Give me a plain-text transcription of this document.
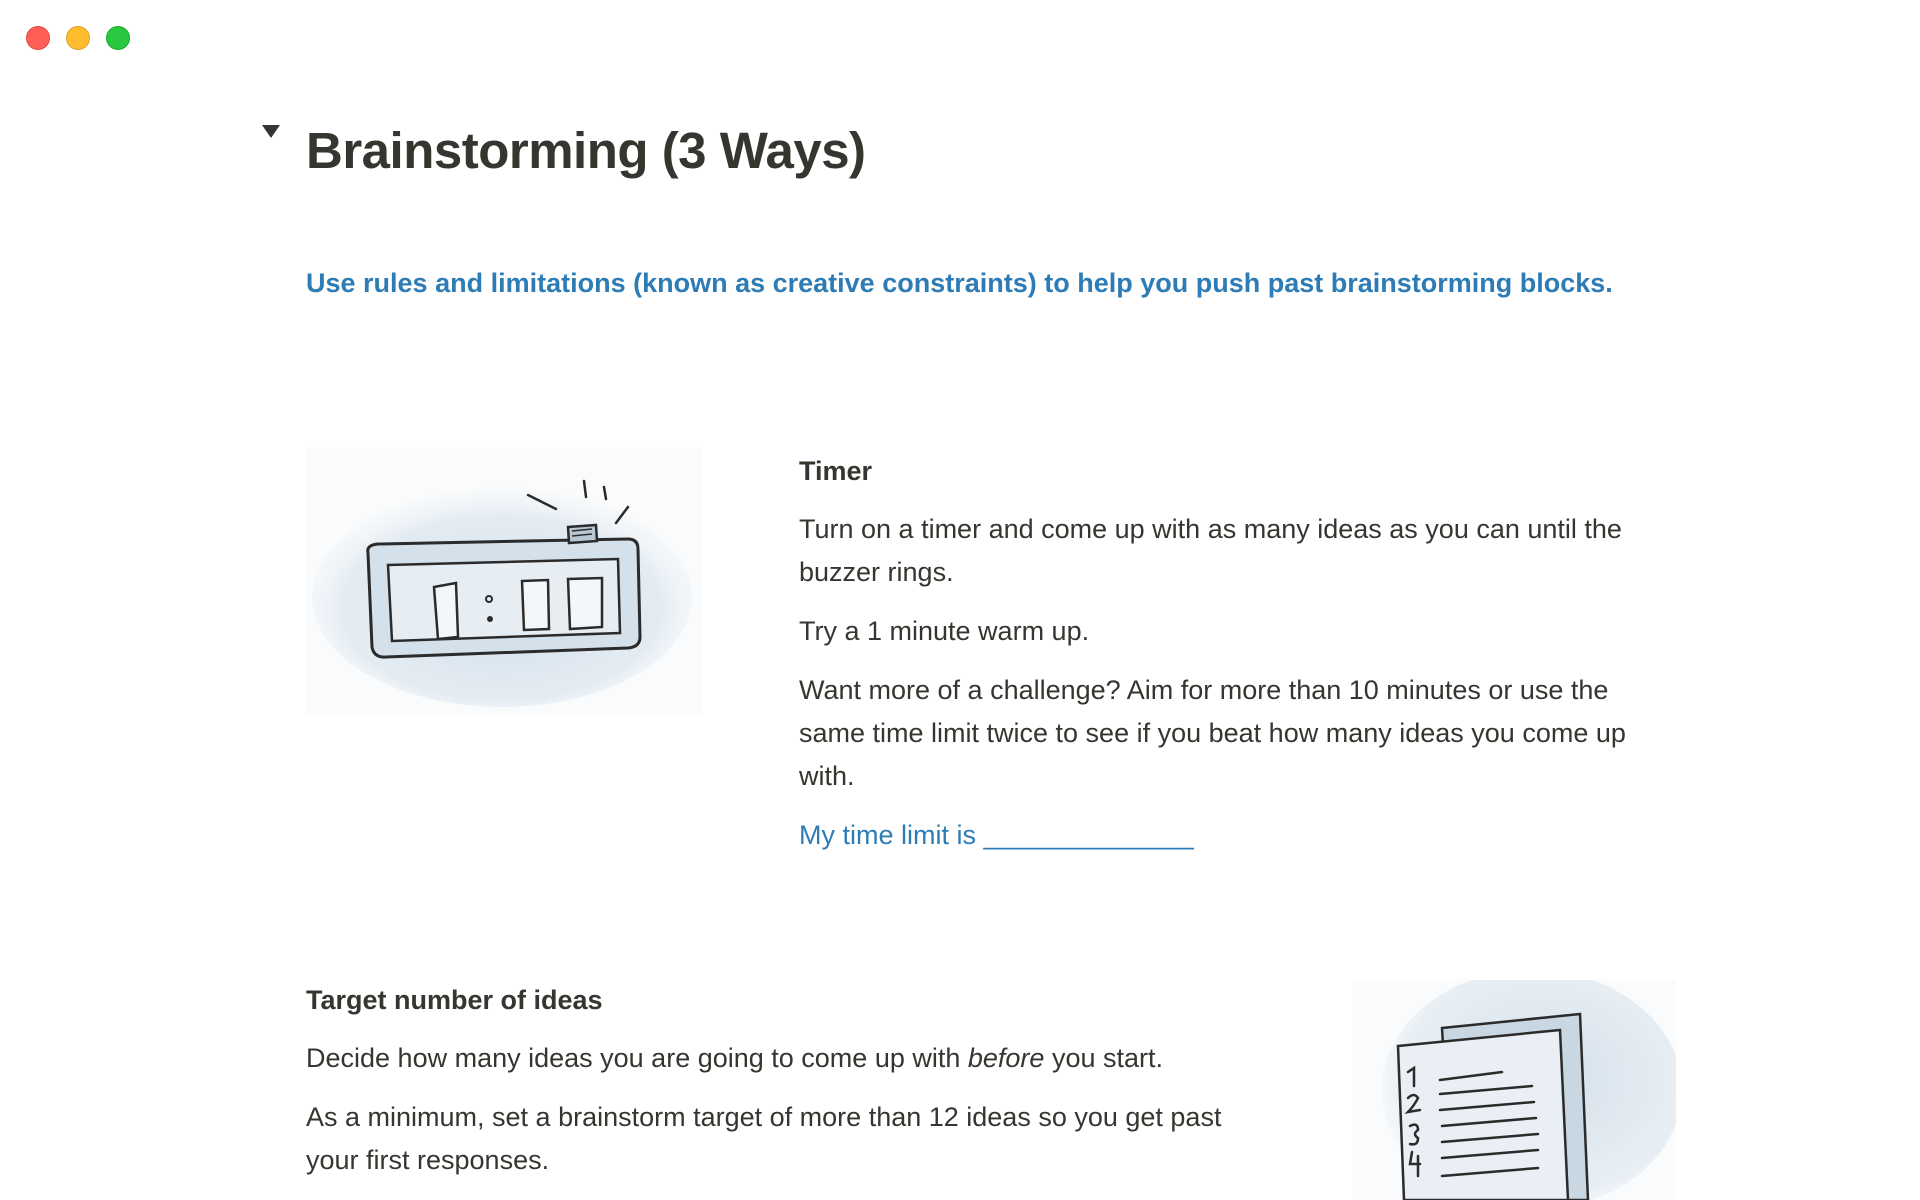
Brainstorming (3 Ways)

Use rules and limitations (known as creative constraints) to help you push past brainstorming blocks.

Timer

Turn on a timer and come up with as many ideas as you can until the buzzer rings.

Try a 1 minute warm up.

Want more of a challenge? Aim for more than 10 minutes or use the same time limit twice to see if you beat how many ideas you come up with.

My time limit is ______________

Target number of ideas

Decide how many ideas you are going to come up with before you start.

As a minimum, set a brainstorm target of more than 12 ideas so you get past your first responses.
